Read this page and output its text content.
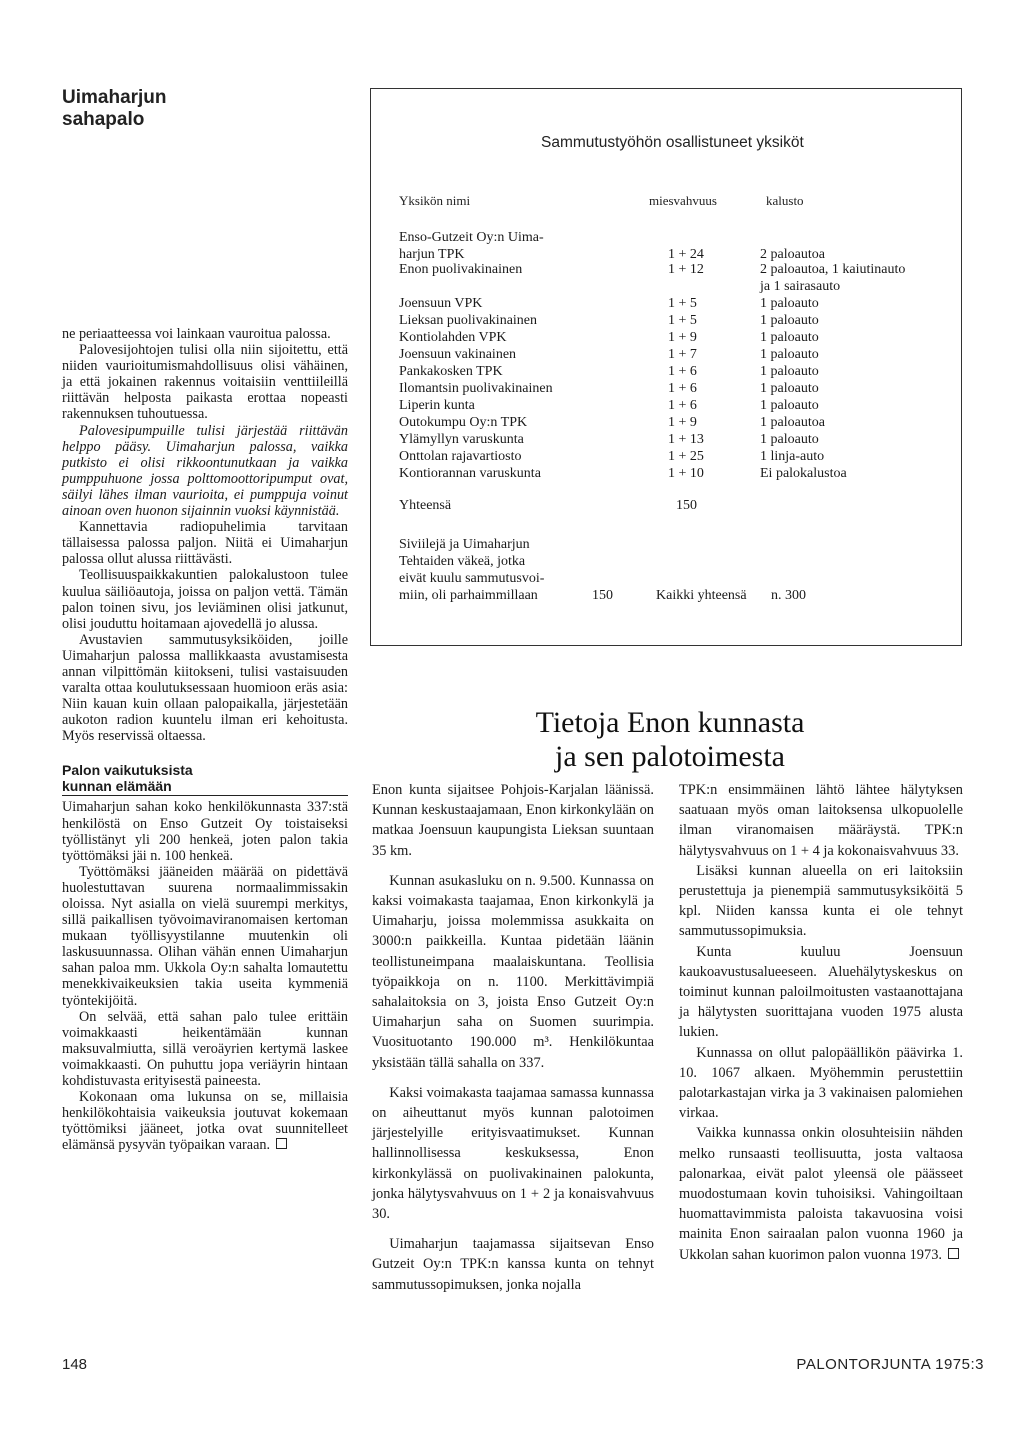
Uimaharjun
sahapalo
Sammutustyöhön osallistuneet yksiköt
Yksikön nimi	miesvahvuus	kalusto
Enso-Gutzeit Oy:n Uima-
harjun TPK	1 + 24	2 paloautoa
Enon puolivakinainen	1 + 12	2 paloautoa, 1 kaiutinauto
ja 1 sairasauto
Joensuun VPK	1 + 5	1 paloauto
Lieksan puolivakinainen	1 + 5	1 paloauto
Kontiolahden VPK	1 + 9	1 paloauto
Joensuun vakinainen	1 + 7	1 paloauto
Pankakosken TPK	1 + 6	1 paloauto
Ilomantsin puolivakinainen	1 + 6	1 paloauto
Liperin kunta	1 + 6	1 paloauto
Outokumpu Oy:n TPK	1 + 9	1 paloautoa
Ylämyllyn varuskunta	1 + 13	1 paloauto
Onttolan rajavartiosto	1 + 25	1 linja-auto
Kontiorannan varuskunta	1 + 10	Ei palokalustoa
Yhteensä	150
Siviilejä ja Uimaharjun
Tehtaiden väkeä, jotka
eivät kuulu sammutusvoi-
miin, oli parhaimmillaan	150	Kaikki yhteensä n. 300

ne periaatteessa voi lainkaan vauroitua palossa.

Palovesijohtojen tulisi olla niin sijoitettu, että niiden vaurioitumismahdollisuus olisi vähäinen, ja että jokainen rakennus voitaisiin venttiileillä riittävän helposta paikasta erottaa nopeasti rakennuksen tuhoutuessa.

Palovesipumpuille tulisi järjestää riittävän helppo pääsy. Uimaharjun palossa, vaikka putkisto ei olisi rikkoontunutkaan ja vaikka pumppuhuone jossa polttomoottoripumput ovat, säilyi lähes ilman vaurioita, ei pumppuja voinut ainoan oven huonon sijainnin vuoksi käynnistää.

Kannettavia radiopuhelimia tarvitaan tällaisessa palossa paljon. Niitä ei Uimaharjun palossa ollut alussa riittävästi.

Teollisuuspaikkakuntien palokalustoon tulee kuulua säiliöautoja, joissa on paljon vettä. Tämän palon toinen sivu, jos leviäminen olisi jatkunut, olisi jouduttu hoitamaan ajovedellä jo alussa.

Avustavien sammutusyksiköiden, joille Uimaharjun palossa mallikkaasta avustamisesta annan vilpittömän kiitokseni, tulisi vastaisuuden varalta ottaa koulutuksessaan huomioon eräs asia: Niin kauan kuin ollaan palopaikalla, järjestetään aukoton radion kuuntelu ilman eri kehoitusta. Myös reservissä oltaessa.

Palon vaikutuksista
kunnan elämään

Uimaharjun sahan koko henkilökunnasta 337:stä henkilöstä on Enso Gutzeit Oy toistaiseksi työllistänyt yli 200 henkeä, joten palon takia työttömäksi jäi n. 100 henkeä.

Työttömäksi jääneiden määrää on pidettävä huolestuttavan suurena normaalimmissakin oloissa. Nyt asialla on vielä suurempi merkitys, sillä paikallisen työvoimaviranomaisen kertoman mukaan työllisyystilanne muutenkin oli laskusuunnassa. Olihan vähän ennen Uimaharjun sahan paloa mm. Ukkola Oy:n sahalta lomautettu menekkivaikeuksien takia useita kymmeniä työntekijöitä.

On selvää, että sahan palo tulee erittäin voimakkaasti heikentämään kunnan maksuvalmiutta, sillä veroäyrien kertymä laskee voimakkaasti. On puhuttu jopa veriäyrin hintaan kohdistuvasta erityisestä paineesta.

Kokonaan oma lukunsa on se, millaisia henkilökohtaisia vaikeuksia joutuvat kokemaan työttömiksi jääneet, jotka ovat suunnitelleet elämänsä pysyvän työpaikan varaan.

Tietoja Enon kunnasta
ja sen palotoimesta

Enon kunta sijaitsee Pohjois-Karjalan läänissä. Kunnan keskustaajamaan, Enon kirkonkylään on matkaa Joensuun kaupungista Lieksan suuntaan 35 km.

Kunnan asukasluku on n. 9.500. Kunnassa on kaksi voimakasta taajamaa, Enon kirkonkylä ja Uimaharju, joissa molemmissa asukkaita on 3000:n paikkeilla. Kuntaa pidetään läänin teollistuneimpana maalaiskuntana. Teollisia työpaikkoja on n. 1100. Merkittävimpiä sahalaitoksia on 3, joista Enso Gutzeit Oy:n Uimaharjun saha on Suomen suurimpia. Vuosituotanto 190.000 m³. Henkilökuntaa yksistään tällä sahalla on 337.

Kaksi voimakasta taajamaa samassa kunnassa on aiheuttanut myös kunnan palotoimen järjestelyille erityisvaatimukset. Kunnan hallinnollisessa keskuksessa, Enon kirkonkylässä on puolivakinainen palokunta, jonka hälytysvahvuus on 1 + 2 ja konaisvahvuus 30.

Uimaharjun taajamassa sijaitsevan Enso Gutzeit Oy:n TPK:n kanssa kunta on tehnyt sammutussopimuksen, jonka nojalla

TPK:n ensimmäinen lähtö lähtee hälytyksen saatuaan myös oman laitoksensa ulkopuolelle ilman viranomaisen määräystä. TPK:n hälytysvahvuus on 1 + 4 ja kokonaisvahvuus 33.

Lisäksi kunnan alueella on eri laitoksiin perustettuja ja pienempiä sammutusyksiköitä 5 kpl. Niiden kanssa kunta ei ole tehnyt sammutussopimuksia.

Kunta kuuluu Joensuun kaukoavustusalueeseen. Aluehälytyskeskus on toiminut kunnan paloilmoitusten vastaanottajana ja hälytysten suorittajana vuoden 1975 alusta lukien.

Kunnassa on ollut palopäällikön päävirka 1. 10. 1067 alkaen. Myöhemmin perustettiin palotarkastajan virka ja 3 vakinaisen palomiehen virkaa.

Vaikka kunnassa onkin olosuhteisiin nähden melko runsaasti teollisuutta, josta valtaosa palonarkaa, eivät palot yleensä ole päässeet muodostumaan kovin tuhoisiksi. Vahingoiltaan huomattavimmista paloista takavuosina voisi mainita Enon sairaalan palon vuonna 1960 ja Ukkolan sahan kuorimon palon vuonna 1973.

148	PALONTORJUNTA 1975:3
